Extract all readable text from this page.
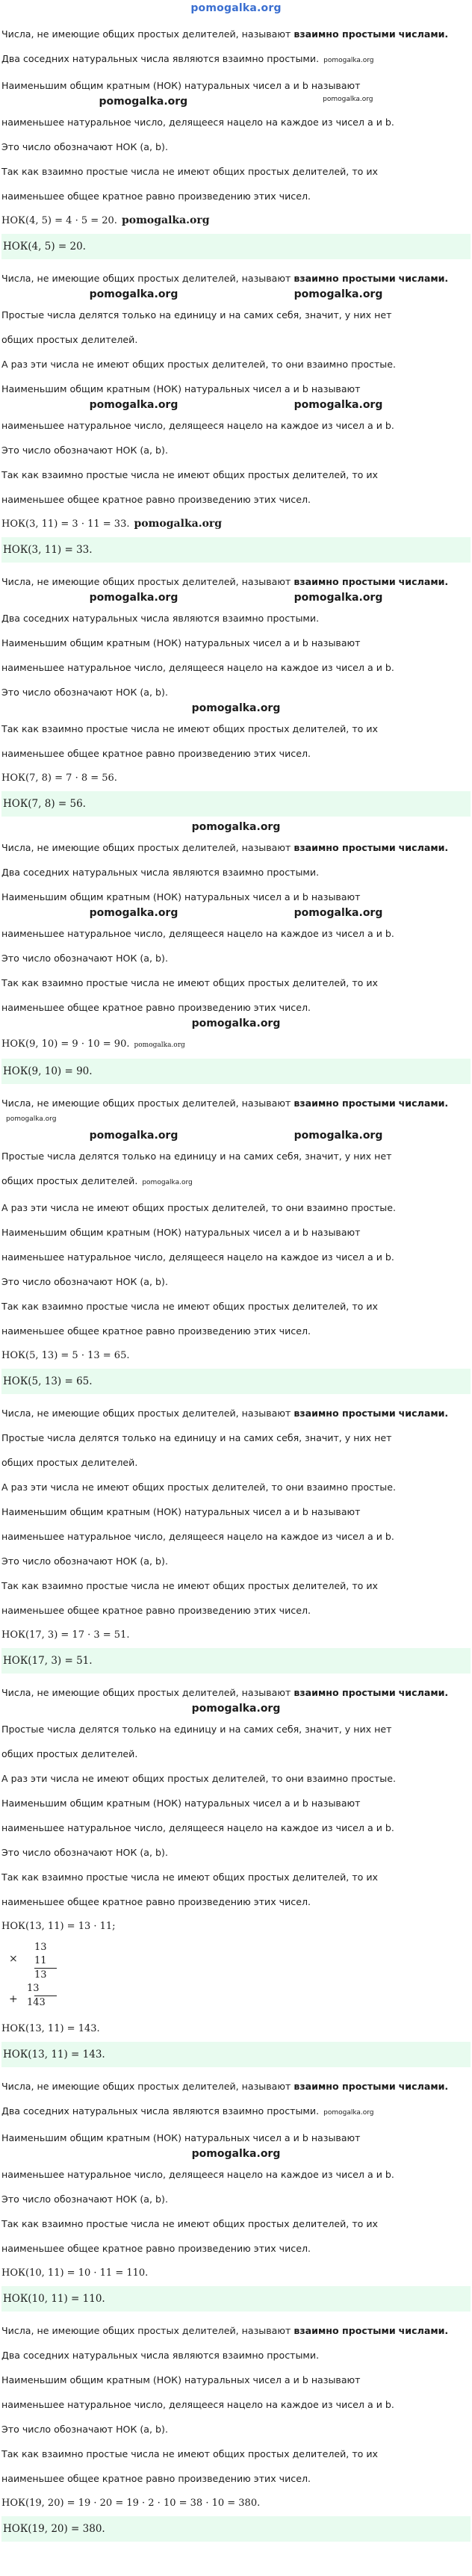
pomogalka.org
Числа, не имеющие общих простых делителей, называют взаимно простыми числами.
Два соседних натуральных числа являются взаимно простыми. pomogalka.org
Наименьшим общим кратным (НОК) натуральных чисел a и b называют
pomogalka.org	pomogalka.org
наименьшее натуральное число, делящееся нацело на каждое из чисел a и b.
Это число обозначают НОК (a, b).
Так как взаимно простые числа не имеют общих простых делителей, то их
наименьшее общее кратное равно произведению этих чисел.
НОК(4, 5) = 4 · 5 = 20. pomogalka.org
НОК(4, 5) = 20.
Числа, не имеющие общих простых делителей, называют взаимно простыми числами.
pomogalka.org	pomogalka.org
Простые числа делятся только на единицу и на самих себя, значит, у них нет
общих простых делителей.
А раз эти числа не имеют общих простых делителей, то они взаимно простые.
Наименьшим общим кратным (НОК) натуральных чисел a и b называют
pomogalka.org	pomogalka.org
наименьшее натуральное число, делящееся нацело на каждое из чисел a и b.
Это число обозначают НОК (a, b).
Так как взаимно простые числа не имеют общих простых делителей, то их
наименьшее общее кратное равно произведению этих чисел.
НОК(3, 11) = 3 · 11 = 33. pomogalka.org
НОК(3, 11) = 33.
Числа, не имеющие общих простых делителей, называют взаимно простыми числами.
pomogalka.org	pomogalka.org
Два соседних натуральных числа являются взаимно простыми.
Наименьшим общим кратным (НОК) натуральных чисел a и b называют
наименьшее натуральное число, делящееся нацело на каждое из чисел a и b.
Это число обозначают НОК (a, b).
pomogalka.org
Так как взаимно простые числа не имеют общих простых делителей, то их
наименьшее общее кратное равно произведению этих чисел.
НОК(7, 8) = 7 · 8 = 56.
НОК(7, 8) = 56.
pomogalka.org
Числа, не имеющие общих простых делителей, называют взаимно простыми числами.
Два соседних натуральных числа являются взаимно простыми.
Наименьшим общим кратным (НОК) натуральных чисел a и b называют
pomogalka.org	pomogalka.org
наименьшее натуральное число, делящееся нацело на каждое из чисел a и b.
Это число обозначают НОК (a, b).
Так как взаимно простые числа не имеют общих простых делителей, то их
наименьшее общее кратное равно произведению этих чисел.
pomogalka.org
НОК(9, 10) = 9 · 10 = 90. pomogalka.org
НОК(9, 10) = 90.
Числа, не имеющие общих простых делителей, называют взаимно простыми числами.pomogalka.org
pomogalka.org	pomogalka.org
Простые числа делятся только на единицу и на самих себя, значит, у них нет
общих простых делителей. pomogalka.org
А раз эти числа не имеют общих простых делителей, то они взаимно простые.
Наименьшим общим кратным (НОК) натуральных чисел a и b называют
наименьшее натуральное число, делящееся нацело на каждое из чисел a и b.
Это число обозначают НОК (a, b).
Так как взаимно простые числа не имеют общих простых делителей, то их
наименьшее общее кратное равно произведению этих чисел.
НОК(5, 13) = 5 · 13 = 65.
НОК(5, 13) = 65.
Числа, не имеющие общих простых делителей, называют взаимно простыми числами.
Простые числа делятся только на единицу и на самих себя, значит, у них нет
общих простых делителей.
А раз эти числа не имеют общих простых делителей, то они взаимно простые.
Наименьшим общим кратным (НОК) натуральных чисел a и b называют
наименьшее натуральное число, делящееся нацело на каждое из чисел a и b.
Это число обозначают НОК (a, b).
Так как взаимно простые числа не имеют общих простых делителей, то их
наименьшее общее кратное равно произведению этих чисел.
НОК(17, 3) = 17 · 3 = 51.
НОК(17, 3) = 51.
Числа, не имеющие общих простых делителей, называют взаимно простыми числами.
pomogalka.org
Простые числа делятся только на единицу и на самих себя, значит, у них нет
общих простых делителей.
А раз эти числа не имеют общих простых делителей, то они взаимно простые.
Наименьшим общим кратным (НОК) натуральных чисел a и b называют
наименьшее натуральное число, делящееся нацело на каждое из чисел a и b.
Это число обозначают НОК (a, b).
Так как взаимно простые числа не имеют общих простых делителей, то их
наименьшее общее кратное равно произведению этих чисел.
НОК(13, 11) = 13 · 11;
×
13
11
+
13
13
143
НОК(13, 11) = 143.
НОК(13, 11) = 143.
Числа, не имеющие общих простых делителей, называют взаимно простыми числами.
Два соседних натуральных числа являются взаимно простыми. pomogalka.org
Наименьшим общим кратным (НОК) натуральных чисел a и b называют
pomogalka.org
наименьшее натуральное число, делящееся нацело на каждое из чисел a и b.
Это число обозначают НОК (a, b).
Так как взаимно простые числа не имеют общих простых делителей, то их
наименьшее общее кратное равно произведению этих чисел.
НОК(10, 11) = 10 · 11 = 110.
НОК(10, 11) = 110.
Числа, не имеющие общих простых делителей, называют взаимно простыми числами.
Два соседних натуральных числа являются взаимно простыми.
Наименьшим общим кратным (НОК) натуральных чисел a и b называют
наименьшее натуральное число, делящееся нацело на каждое из чисел a и b.
Это число обозначают НОК (a, b).
Так как взаимно простые числа не имеют общих простых делителей, то их
наименьшее общее кратное равно произведению этих чисел.
НОК(19, 20) = 19 · 20 = 19 · 2 · 10 = 38 · 10 = 380.
НОК(19, 20) = 380.
